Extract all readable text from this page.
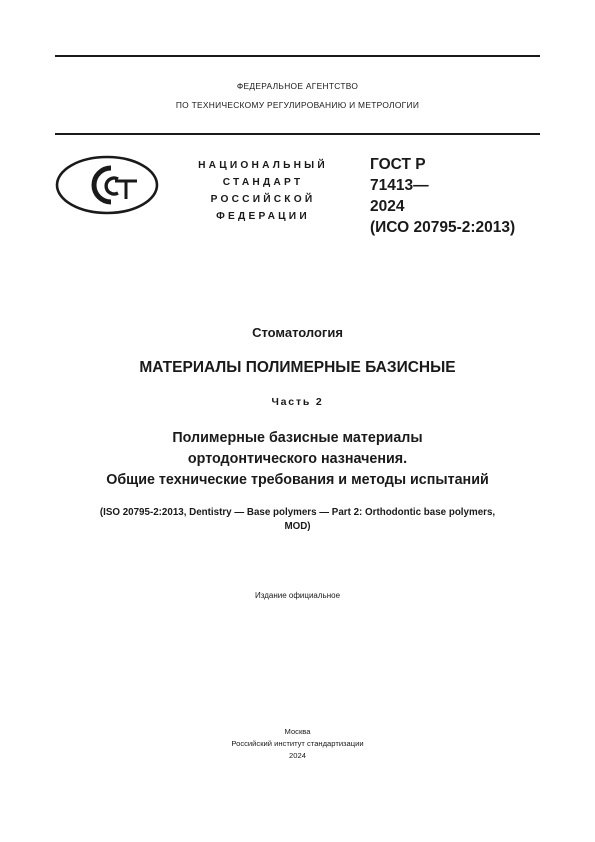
ФЕДЕРАЛЬНОЕ АГЕНТСТВО
ПО ТЕХНИЧЕСКОМУ РЕГУЛИРОВАНИЮ И МЕТРОЛОГИИ
НАЦИОНАЛЬНЫЙ
СТАНДАРТ
РОССИЙСКОЙ
ФЕДЕРАЦИИ
ГОСТ Р
71413—
2024
(ИСО 20795-2:2013)
Стоматология
МАТЕРИАЛЫ ПОЛИМЕРНЫЕ БАЗИСНЫЕ
Часть 2
Полимерные базисные материалы
ортодонтического назначения.
Общие технические требования и методы испытаний
(ISO 20795-2:2013, Dentistry — Base polymers — Part 2: Orthodontic base polymers,
MOD)
Издание официальное
Москва
Российский институт стандартизации
2024
